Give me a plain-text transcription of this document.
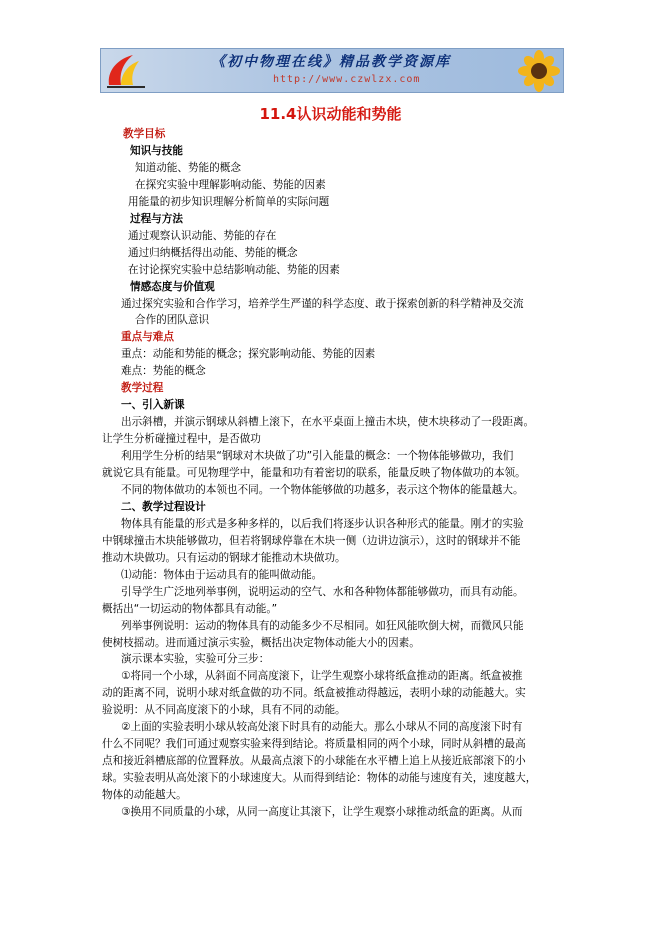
《初中物理在线》精品教学资源库
http://www.czwlzx.com
11.4认识动能和势能

教学目标

知识与技能

知道动能、势能的概念

在探究实验中理解影响动能、势能的因素

用能量的初步知识理解分析简单的实际问题

过程与方法

通过观察认识动能、势能的存在

通过归纳概括得出动能、势能的概念

在讨论探究实验中总结影响动能、势能的因素

情感态度与价值观

通过探究实验和合作学习，培养学生严谨的科学态度、敢于探索创新的科学精神及交流

合作的团队意识

重点与难点

重点：动能和势能的概念；探究影响动能、势能的因素

难点：势能的概念

教学过程

一、引入新课

出示斜槽，并演示钢球从斜槽上滚下，在水平桌面上撞击木块，使木块移动了一段距离。

让学生分析碰撞过程中，是否做功

利用学生分析的结果“钢球对木块做了功”引入能量的概念：一个物体能够做功，我们

就说它具有能量。可见物理学中，能量和功有着密切的联系，能量反映了物体做功的本领。

不同的物体做功的本领也不同。一个物体能够做的功越多，表示这个物体的能量越大。

二、教学过程设计

物体具有能量的形式是多种多样的，以后我们将逐步认识各种形式的能量。刚才的实验

中钢球撞击木块能够做功，但若将钢球停靠在木块一侧（边讲边演示），这时的钢球并不能

推动木块做功。只有运动的钢球才能推动木块做功。

⑴动能：物体由于运动具有的能叫做动能。

引导学生广泛地列举事例，说明运动的空气、水和各种物体都能够做功，而具有动能。

概括出“一切运动的物体都具有动能。”

列举事例说明：运动的物体具有的动能多少不尽相同。如狂风能吹倒大树，而微风只能

使树枝摇动。进而通过演示实验，概括出决定物体动能大小的因素。

演示课本实验，实验可分三步：

①将同一个小球，从斜面不同高度滚下，让学生观察小球将纸盒推动的距离。纸盒被推

动的距离不同，说明小球对纸盒做的功不同。纸盒被推动得越远，表明小球的动能越大。实

验说明：从不同高度滚下的小球，具有不同的动能。

②上面的实验表明小球从较高处滚下时具有的动能大。那么小球从不同的高度滚下时有

什么不同呢？我们可通过观察实验来得到结论。将质量相同的两个小球，同时从斜槽的最高

点和接近斜槽底部的位置释放。从最高点滚下的小球能在水平槽上追上从接近底部滚下的小

球。实验表明从高处滚下的小球速度大。从而得到结论：物体的动能与速度有关，速度越大，

物体的动能越大。

③换用不同质量的小球，从同一高度让其滚下，让学生观察小球推动纸盒的距离。从而
